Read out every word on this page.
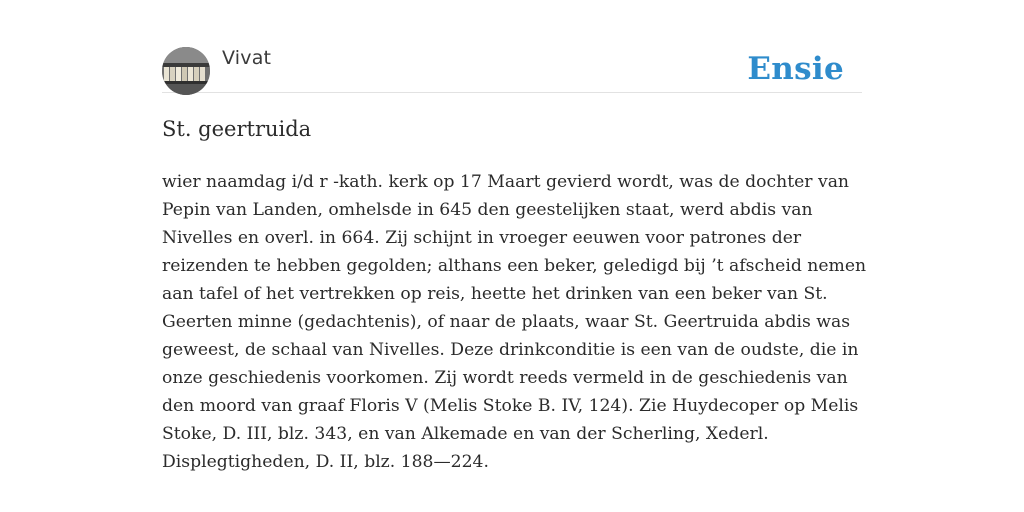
Vivat	Ensie
St. geertruida
wier naamdag i/d r -kath. kerk op 17 Maart gevierd wordt, was de dochter van
Pepin van Landen, omhelsde in 645 den geestelijken staat, werd abdis van
Nivelles en overl. in 664. Zij schijnt in vroeger eeuwen voor patrones der
reizenden te hebben gegolden; althans een beker, geledigd bij ’t afscheid nemen
aan tafel of het vertrekken op reis, heette het drinken van een beker van St.
Geerten minne (gedachtenis), of naar de plaats, waar St. Geertruida abdis was
geweest, de schaal van Nivelles. Deze drinkconditie is een van de oudste, die in
onze geschiedenis voorkomen. Zij wordt reeds vermeld in de geschiedenis van
den moord van graaf Floris V (Melis Stoke B. IV, 124). Zie Huydecoper op Melis
Stoke, D. III, blz. 343, en van Alkemade en van der Scherling, Xederl.
Displegtigheden, D. II, blz. 188—224.
